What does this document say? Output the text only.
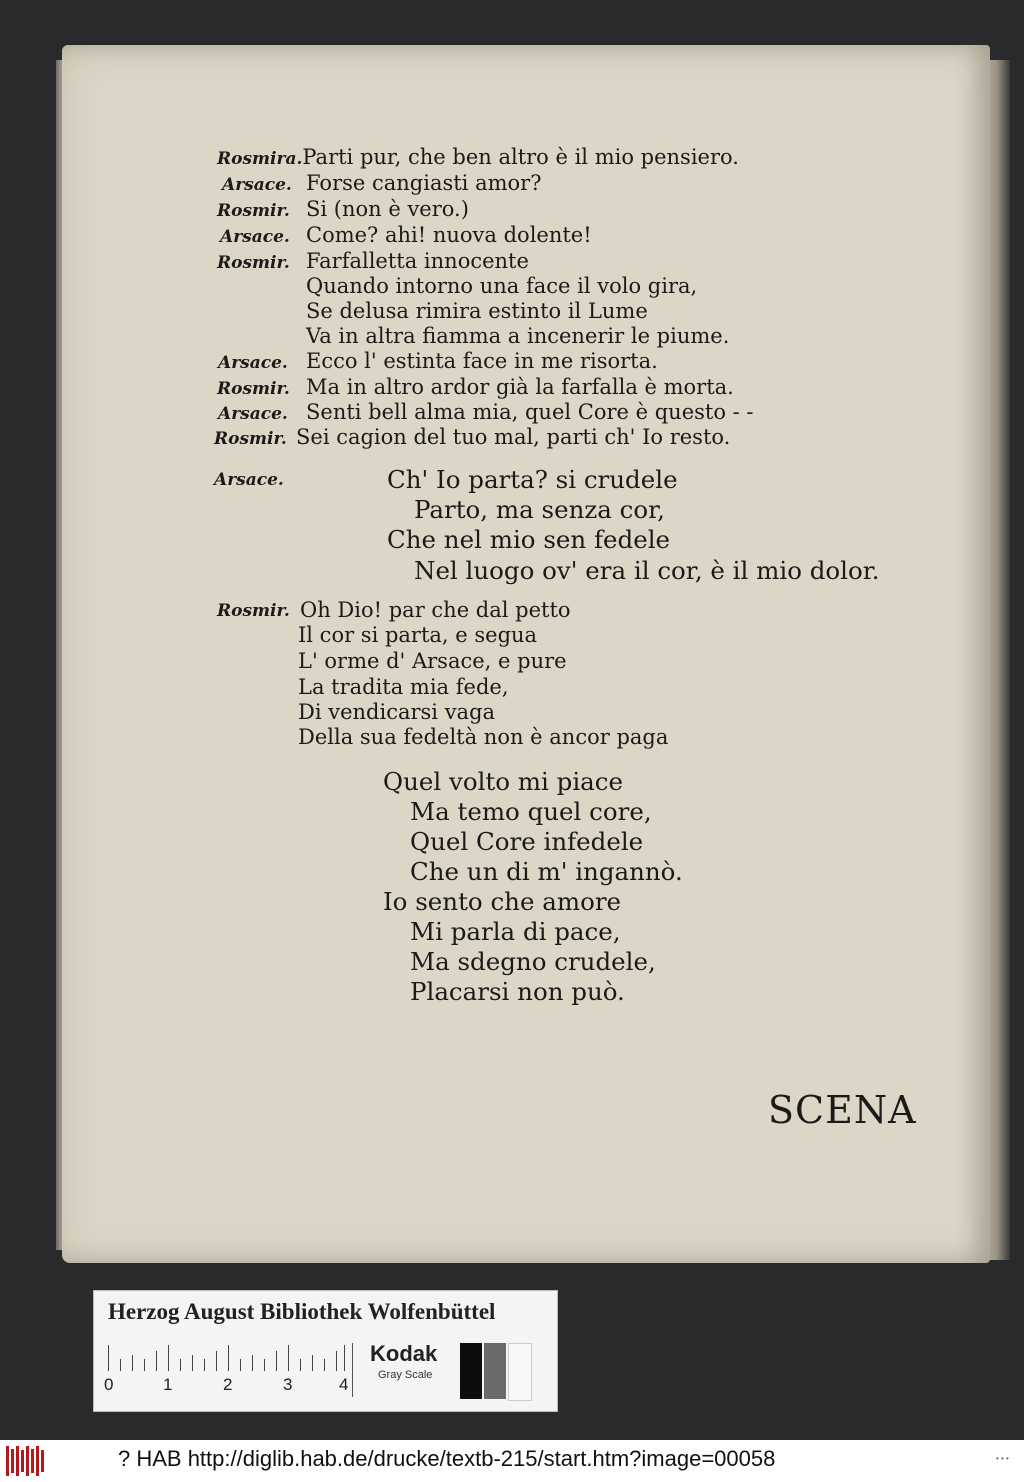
Rosmira.Parti pur, che ben altro è il mio pensiero.
Arsace. Forse cangiasti amor?
Rosmir. Si (non è vero.)
Arsace. Come? ahi! nuova dolente!
Rosmir. Farfalletta innocente
Quando intorno una face il volo gira,
Se delusa rimira estinto il Lume
Va in altra fiamma a incenerir le piume.
Arsace. Ecco l' estinta face in me risorta.
Rosmir. Ma in altro ardor già la farfalla è morta.
Arsace. Senti bell alma mia, quel Core è questo - -
Rosmir. Sei cagion del tuo mal, parti ch' Io resto.
Arsace.	Ch' Io parta? si crudele
Parto, ma senza cor,
Che nel mio sen fedele
Nel luogo ov' era il cor, è il mio dolor.
Rosmir. Oh Dio! par che dal petto
Il cor si parta, e segua
L' orme d' Arsace, e pure
La tradita mia fede,
Di vendicarsi vaga
Della sua fedeltà non è ancor paga
Quel volto mi piace
Ma temo quel core,
Quel Core infedele
Che un di m' ingannò.
Io sento che amore
Mi parla di pace,
Ma sdegno crudele,
Placarsi non può.
SCENA
Herzog August Bibliothek Wolfenbüttel
0	1	2	3	4
Kodak
Gray Scale
? HAB http://diglib.hab.de/drucke/textb-215/start.htm?image=00058	• • •
